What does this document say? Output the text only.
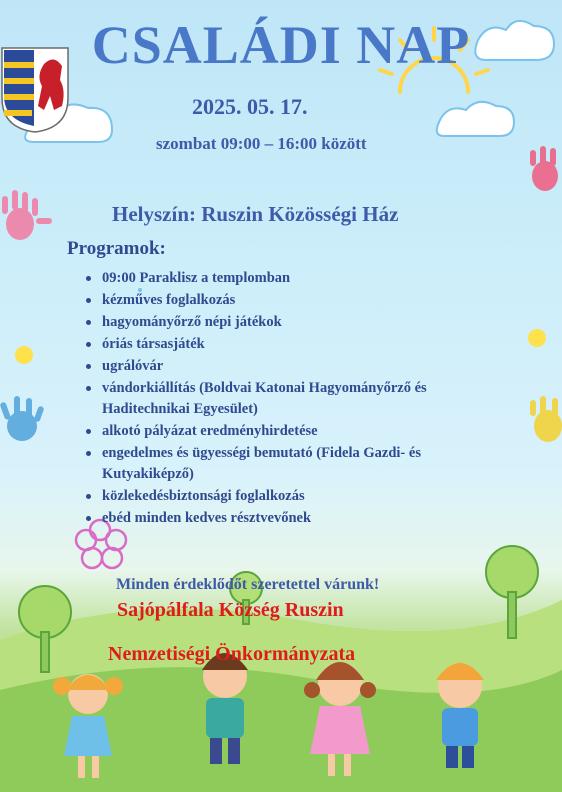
CSALÁDI NAP
2025. 05. 17.
szombat 09:00 – 16:00 között
Helyszín: Ruszin Közösségi Ház
Programok:
09:00 Paraklisz a templomban
kézműves foglalkozás
hagyományőrző népi játékok
óriás társasjáték
ugrálóvár
vándorkiállítás (Boldvai Katonai Hagyományőrző és Haditechnikai Egyesület)
alkotó pályázat eredményhirdetése
engedelmes és ügyességi bemutató (Fidela Gazdi- és Kutyakiképző)
közlekedésbiztonsági foglalkozás
ebéd minden kedves résztvevőnek
Minden érdeklődőt szeretettel várunk!
Sajópálfala Község Ruszin
Nemzetiségi Önkormányzata
